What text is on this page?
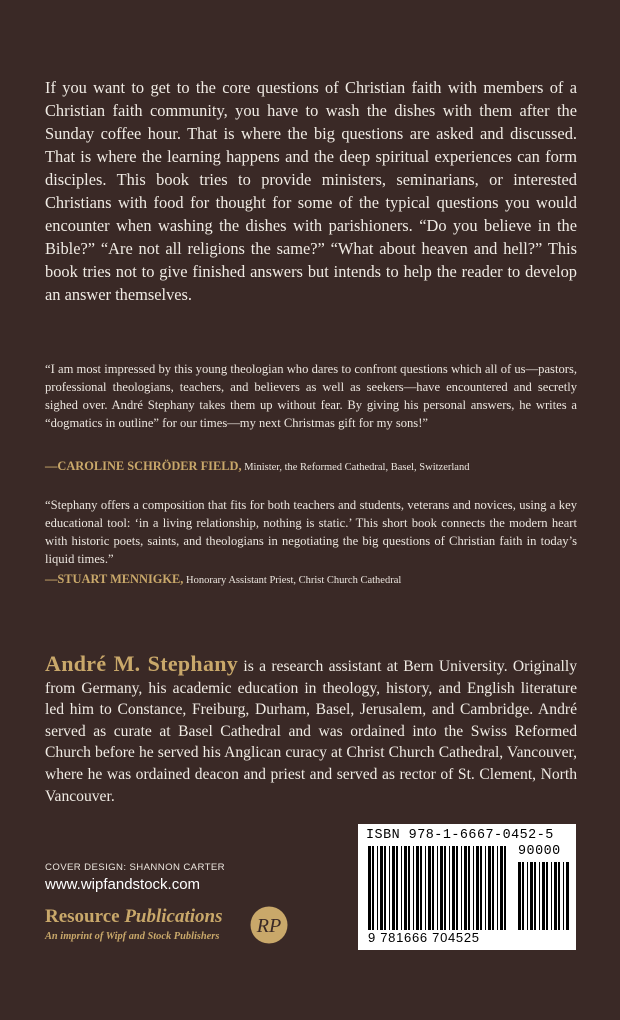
If you want to get to the core questions of Christian faith with members of a Christian faith community, you have to wash the dishes with them after the Sunday coffee hour. That is where the big questions are asked and discussed. That is where the learning happens and the deep spiritual experiences can form disciples. This book tries to provide ministers, seminarians, or interested Christians with food for thought for some of the typical questions you would encounter when washing the dishes with parishioners. “Do you believe in the Bible?” “Are not all religions the same?” “What about heaven and hell?” This book tries not to give finished answers but intends to help the reader to develop an answer themselves.

“I am most impressed by this young theologian who dares to confront questions which all of us—pastors, professional theologians, teachers, and believers as well as seekers—have encountered and secretly sighed over. André Stephany takes them up without fear. By giving his personal answers, he writes a “dogmatics in outline” for our times—my next Christmas gift for my sons!”

—CAROLINE SCHRÖDER FIELD, Minister, the Reformed Cathedral, Basel, Switzerland

“Stephany offers a composition that fits for both teachers and students, veterans and novices, using a key educational tool: ‘in a living relationship, nothing is static.’ This short book connects the modern heart with historic poets, saints, and theologians in negotiating the big questions of Christian faith in today’s liquid times.”

—STUART MENNIGKE, Honorary Assistant Priest, Christ Church Cathedral

André M. Stephany is a research assistant at Bern University. Originally from Germany, his academic education in theology, history, and English literature led him to Constance, Freiburg, Durham, Basel, Jerusalem, and Cambridge. André served as curate at Basel Cathedral and was ordained into the Swiss Reformed Church before he served his Anglican curacy at Christ Church Cathedral, Vancouver, where he was ordained deacon and priest and served as rector of St. Clement, North Vancouver.

COVER DESIGN: SHANNON CARTER
www.wipfandstock.com
Resource Publications
An imprint of Wipf and Stock Publishers RP
ISBN 978-1-6667-0452-5
90000
9 781666 704525
